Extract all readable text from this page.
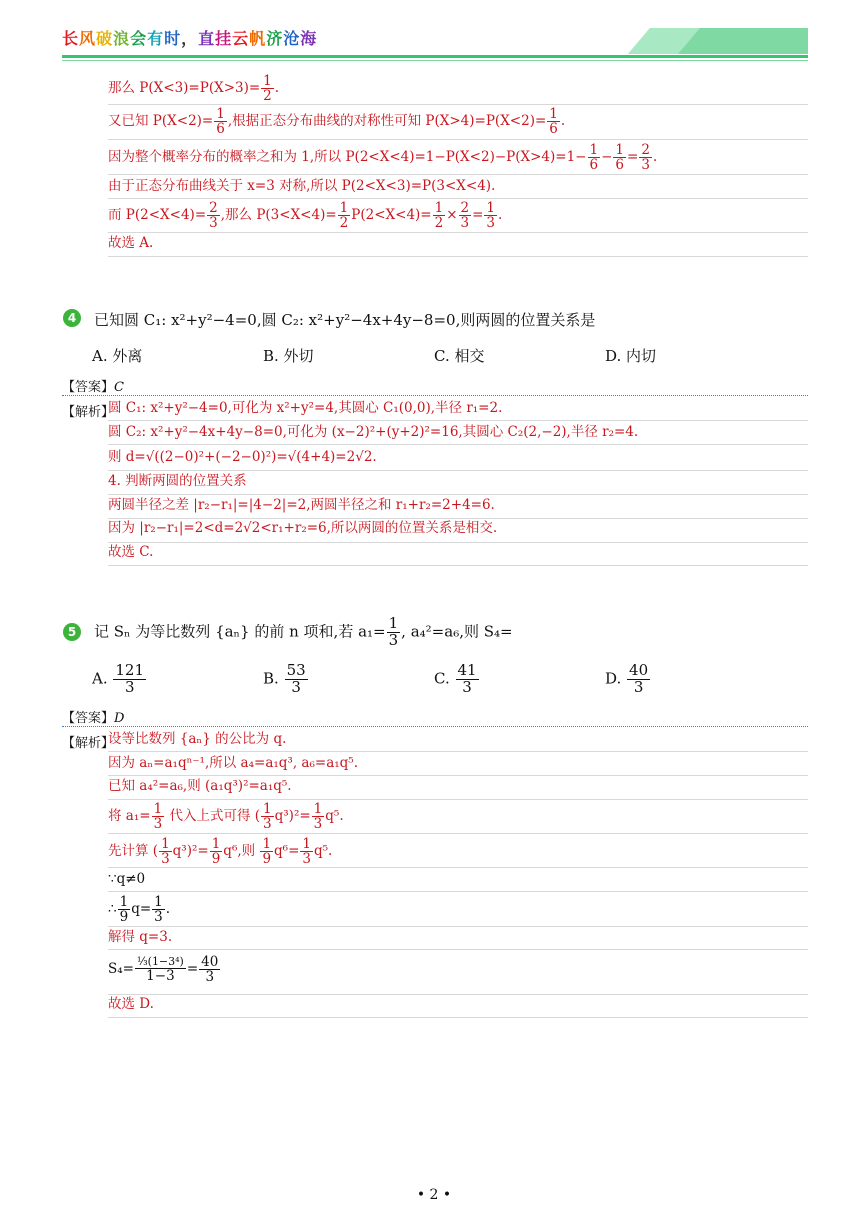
长风破浪会有时，直挂云帆济沧海
那么 $P(X<3)=P(X>3)= \frac{1}{2}$ .
又已知 $P(X<2)= \frac{1}{6}$ ,根据正态分布曲线的对称性可知 $P(X>4)=P(X<2)= \frac{1}{6}$ .
因为整个概率分布的概率之和为 1,所以 $P(2<X<4)=1-P(X<2)-P(X>4)=1- \frac{1}{6} - \frac{1}{6} = \frac{2}{3}$ .
由于正态分布曲线关于 x=3 对称,所以 P(2<X<3)=P(3<X<4).
而 $P(2<X<4)= \frac{2}{3}$ ,那么 $P(3<X<4)= \frac{1}{2} P(2<X<4)= \frac{1}{2} \times \frac{2}{3} = \frac{1}{3}$ .
故选 A.
4	已知圆 C₁: x²+y²−4=0,圆 C₂: x²+y²−4x+4y−8=0,则两圆的位置关系是
A. 外离	B. 外切	C. 相交	D. 内切
【答案】C
【解析】
圆 C₁: x²+y²−4=0,可化为 x²+y²=4,其圆心 C₁(0,0),半径 r₁=2.
圆 C₂: x²+y²−4x+4y−8=0,可化为 (x−2)²+(y+2)²=16,其圆心 C₂(2,−2),半径 r₂=4.
则 d=√((2−0)²+(−2−0)²)=√(4+4)=2√2.
4. 判断两圆的位置关系
两圆半径之差 |r₂−r₁|=|4−2|=2,两圆半径之和 r₁+r₂=2+4=6.
因为 |r₂−r₁|=2<d=2√2<r₁+r₂=6,所以两圆的位置关系是相交.
故选 C.
5	记 Sₙ 为等比数列 {aₙ} 的前 n 项和,若 $a_1= \frac{1}{3}$ , a₄²=a₆,则 S₄=
A. $\frac{121}{3}$	B. $\frac{53}{3}$	C. $\frac{41}{3}$	D. $\frac{40}{3}$
【答案】D
【解析】
设等比数列 {aₙ} 的公比为 q.
因为 aₙ=a₁qⁿ⁻¹,所以 a₄=a₁q³, a₆=a₁q⁵.
已知 a₄²=a₆,则 (a₁q³)²=a₁q⁵.
将 $a_1= \frac{1}{3}$ 代入上式可得 ( $\frac{1}{3} q^3)^2= \frac{1}{3} q^5$.
先计算 ( $\frac{1}{3} q^3)^2= \frac{1}{9} q^6$,则 $\frac{1}{9} q^6= \frac{1}{3} q^5$.
∵q≠0
∴ $\frac{1}{9} q= \frac{1}{3}$ .
解得 q=3.
$S_4= \frac{\text{⅓(1−3⁴)}}{1-3} = \frac{40}{3}$
故选 D.
• 2 •
